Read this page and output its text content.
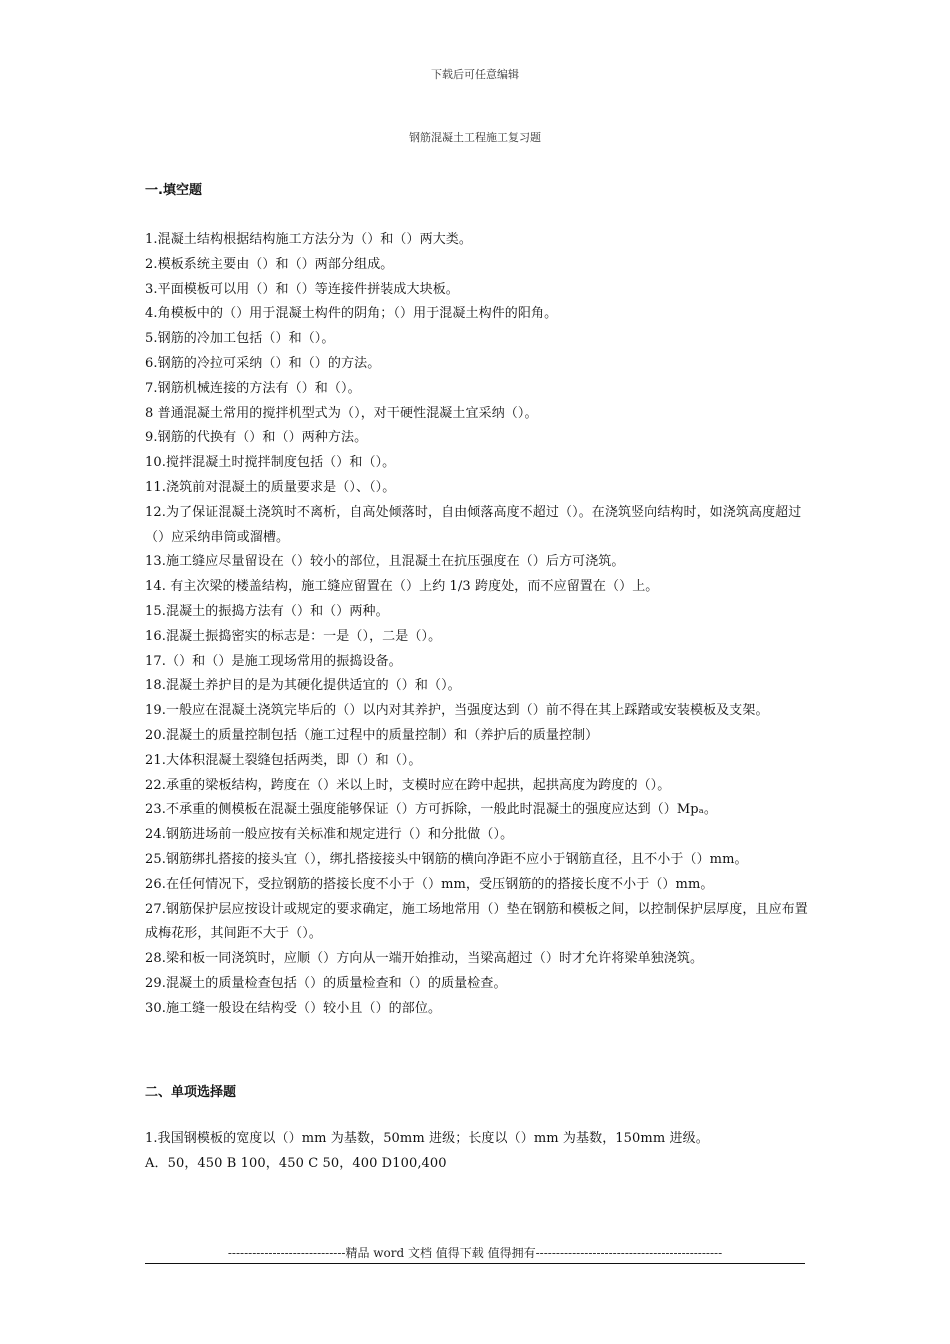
下载后可任意编辑
钢筋混凝土工程施工复习题
一.填空题

1.混凝土结构根据结构施工方法分为（）和（）两大类。

2.模板系统主要由（）和（）两部分组成。

3.平面模板可以用（）和（）等连接件拼装成大块板。

4.角模板中的（）用于混凝土构件的阴角；（）用于混凝土构件的阳角。

5.钢筋的冷加工包括（）和（）。

6.钢筋的冷拉可采纳（）和（）的方法。

7.钢筋机械连接的方法有（）和（）。

8 普通混凝土常用的搅拌机型式为（），对干硬性混凝土宜采纳（）。

9.钢筋的代换有（）和（）两种方法。

10.搅拌混凝土时搅拌制度包括（）和（）。

11.浇筑前对混凝土的质量要求是（）、（）。

12.为了保证混凝土浇筑时不离析，自高处倾落时，自由倾落高度不超过（）。在浇筑竖向结构时，如浇筑高度超过（）应采纳串筒或溜槽。

13.施工缝应尽量留设在（）较小的部位，且混凝土在抗压强度在（）后方可浇筑。

14. 有主次梁的楼盖结构，施工缝应留置在（）上约 1/3 跨度处，而不应留置在（）上。

15.混凝土的振捣方法有（）和（）两种。

16.混凝土振捣密实的标志是：一是（），二是（）。

17.（）和（）是施工现场常用的振捣设备。

18.混凝土养护目的是为其硬化提供适宜的（）和（）。

19.一般应在混凝土浇筑完毕后的（）以内对其养护，当强度达到（）前不得在其上踩踏或安装模板及支架。

20.混凝土的质量控制包括（施工过程中的质量控制）和（养护后的质量控制）

21.大体积混凝土裂缝包括两类，即（）和（）。

22.承重的梁板结构，跨度在（）米以上时，支模时应在跨中起拱，起拱高度为跨度的（）。

23.不承重的侧模板在混凝土强度能够保证（）方可拆除，一般此时混凝土的强度应达到（）Mpₐ。

24.钢筋进场前一般应按有关标准和规定进行（）和分批做（）。

25.钢筋绑扎搭接的接头宜（），绑扎搭接接头中钢筋的横向净距不应小于钢筋直径，且不小于（）mm。

26.在任何情况下，受拉钢筋的搭接长度不小于（）mm，受压钢筋的的搭接长度不小于（）mm。

27.钢筋保护层应按设计或规定的要求确定，施工场地常用（）垫在钢筋和模板之间，以控制保护层厚度，且应布置成梅花形，其间距不大于（）。

28.梁和板一同浇筑时，应顺（）方向从一端开始推动，当梁高超过（）时才允许将梁单独浇筑。

29.混凝土的质量检查包括（）的质量检查和（）的质量检查。

30.施工缝一般设在结构受（）较小且（）的部位。

二、单项选择题

1.我国钢模板的宽度以（）mm 为基数，50mm 进级；长度以（）mm 为基数，150mm 进级。

A．50，450 B 100，450 C 50，400 D100,400

-----------------------------精品 word 文档 值得下载 值得拥有----------------------------------------------
